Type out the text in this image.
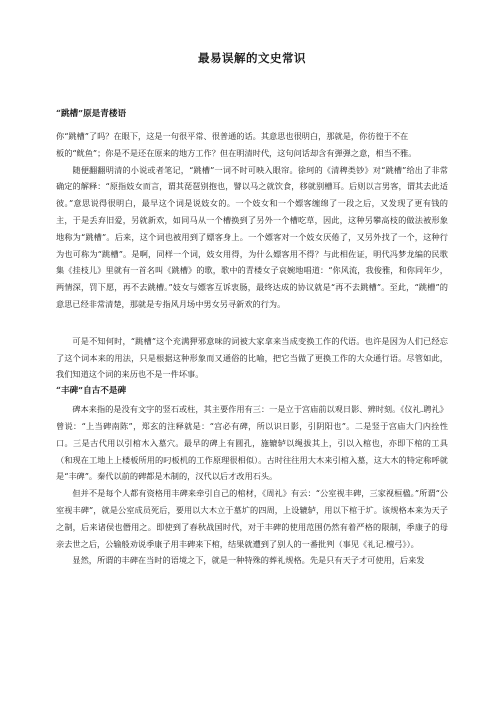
最易误解的文史常识
“跳槽”原是青楼语

你“跳槽”了吗？在眼下，这是一句很平常、很普通的话。其意思也很明白，那就是，你彷徨于不在

板的“鱿鱼”；你是不是还在原来的地方工作？但在明清时代，这句问话却含有弹弹之意，相当不雅。

随便翻翻明清的小说或者笔记，“跳槽”一词不时可映入眼帘。徐珂的《清稗类钞》对“跳槽”给出了非常确定的解释：“原指妓女而言，谓其琵琶别抱也，譬以马之就饮食，移就别槽耳。后则以言男客，谓其去此适彼。”意思说得很明白，最早这个词是说妓女的。一个妓女和一个嫖客缠绵了一段之后，又发现了更有钱的主，于是丢弃旧爱，另就新欢，如同马从一个槽换到了另外一个槽吃草，因此，这种另攀高枝的做法被形象地称为“跳槽”。后来，这个词也被用到了嫖客身上。一个嫖客对一个妓女厌倦了，又另外找了一个，这种行为也可称为“跳槽”。是啊，同样一个词，妓女用得，为什么嫖客用不得？与此相佐证，明代冯梦龙编的民歌集《挂枝儿》里就有一首名叫《跳槽》的歌，歌中的青楼女子哀婉地唱道：“你风流，我俊雅，和你同年少，两情深，罚下愿，再不去跳槽。”妓女与嫖客互诉衷肠，最终达成的协议就是“再不去跳槽”。至此，“跳槽”的意思已经非常清楚，那就是专指风月场中男女另寻新欢的行为。

可是不知何时，“跳槽”这个充满狎邪意味的词被大家拿来当成变换工作的代语。也许是因为人们已经忘了这个词本来的用法，只是根据这种形象而又通俗的比喻，把它当做了更换工作的大众通行语。尽管如此，我们知道这个词的来历也不是一件坏事。

“丰碑”自古不是碑

碑本来指的是没有文字的竖石或柱，其主要作用有三：一是立于宫庙前以观日影、辨时刻。《仪礼.聘礼》曾说：“上当碑南陈”，郑玄的注释就是：“宫必有碑，所以识日影，引阴阳也”。二是竖于宫庙大门内拴性口。三是古代用以引棺木入墓穴。最早的碑上有圆孔，施辘轳以绳拔其上，引以入棺也，亦即下棺的工具（和现在工地上上楼板所用的叼板机的工作原理很相似）。古时往往用大木来引棺入墓，这大木的特定称呼就是“丰碑”。秦代以前的碑都是木制的，汉代以后才改用石头。

但并不是每个人都有资格用丰碑来牵引自己的棺材，《周礼》有云：“公室视丰碑，三家视桓楹。”所谓“公室视丰碑”，就是公室成员死后，要用以大木立于墓圹的四周，上设辘轳，用以下棺于圹。该规格本来为天子之制，后来诸侯也僭用之。即使到了春秋战国时代，对于丰碑的使用范围仍然有着严格的限制，季康子的母亲去世之后，公输般劝说季康子用丰碑来下棺，结果就遭到了别人的一番批判（事见《礼记.檀弓》）。

显然，所谓的丰碑在当时的语境之下，就是一种特殊的葬礼规格。先是只有天子才可使用，后来发
